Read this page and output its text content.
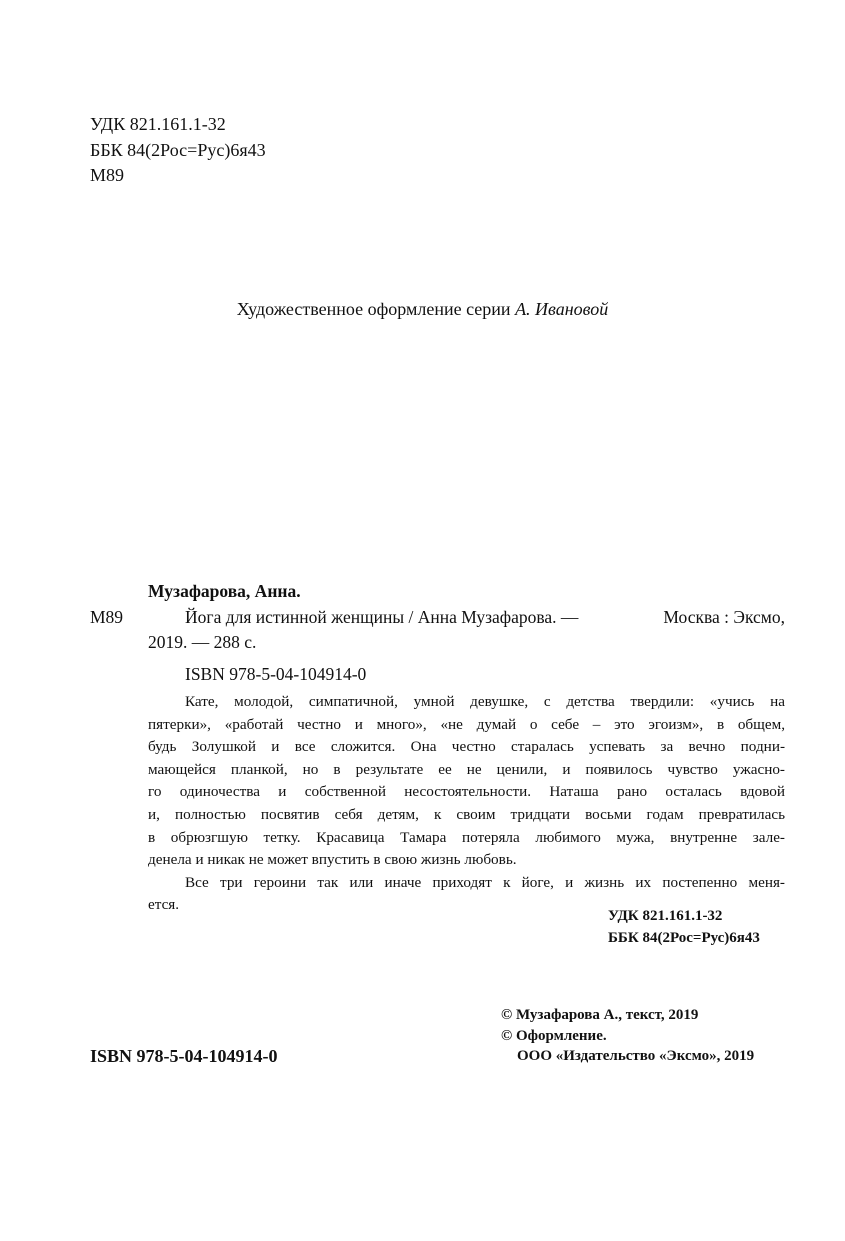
УДК 821.161.1-32
ББК 84(2Рос=Рус)6я43
М89
Художественное оформление серии А. Ивановой
Музафарова, Анна.
М89	Йога для истинной женщины / Анна Музафарова. —	Москва : Эксмо,
2019. — 288 с.
ISBN 978-5-04-104914-0
Кате, молодой, симпатичной, умной девушке, с детства твердили: «учись на
пятерки», «работай честно и много», «не думай о себе – это эгоизм», в общем,
будь Золушкой и все сложится. Она честно старалась успевать за вечно подни-
мающейся планкой, но в результате ее не ценили, и появилось чувство ужасно-
го одиночества и собственной несостоятельности. Наташа рано осталась вдовой
и, полностью посвятив себя детям, к своим тридцати восьми годам превратилась
в обрюзгшую тетку. Красавица Тамара потеряла любимого мужа, внутренне зале-
денела и никак не может впустить в свою жизнь любовь.
Все три героини так или иначе приходят к йоге, и жизнь их постепенно меня-
ется.
УДК 821.161.1-32
ББК 84(2Рос=Рус)6я43
© Музафарова А., текст, 2019
© Оформление.
ООО «Издательство «Эксмо», 2019
ISBN 978-5-04-104914-0
